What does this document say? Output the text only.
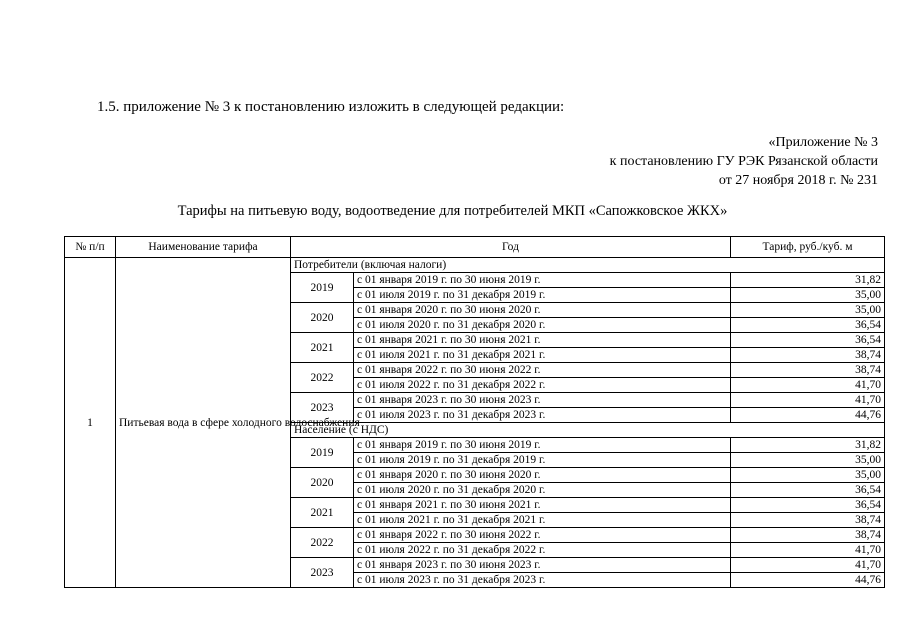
1.5. приложение № 3 к постановлению изложить в следующей редакции:
«Приложение № 3
к постановлению ГУ РЭК Рязанской области
от 27 ноября 2018 г. № 231
Тарифы на питьевую воду, водоотведение для потребителей МКП «Сапожковское ЖКХ»
№ п/п	Наименование тарифа	Год		Тариф, руб./куб. м
1	Питьевая вода в сфере холодного водоснабжения	Потребители (включая налоги)		
		2019	с 01 января 2019 г. по 30 июня 2019 г.	31,82
			с 01 июля 2019 г. по 31 декабря 2019 г.	35,00
		2020	с 01 января 2020 г. по 30 июня 2020 г.	35,00
			с 01 июля 2020 г. по 31 декабря 2020 г.	36,54
		2021	с 01 января 2021 г. по 30 июня 2021 г.	36,54
			с 01 июля 2021 г. по 31 декабря 2021 г.	38,74
		2022	с 01 января 2022 г. по 30 июня 2022 г.	38,74
			с 01 июля 2022 г. по 31 декабря 2022 г.	41,70
		2023	с 01 января 2023 г. по 30 июня 2023 г.	41,70
			с 01 июля 2023 г. по 31 декабря 2023 г.	44,76
		Население (с НДС)		
		2019	с 01 января 2019 г. по 30 июня 2019 г.	31,82
			с 01 июля 2019 г. по 31 декабря 2019 г.	35,00
		2020	с 01 января 2020 г. по 30 июня 2020 г.	35,00
			с 01 июля 2020 г. по 31 декабря 2020 г.	36,54
		2021	с 01 января 2021 г. по 30 июня 2021 г.	36,54
			с 01 июля 2021 г. по 31 декабря 2021 г.	38,74
		2022	с 01 января 2022 г. по 30 июня 2022 г.	38,74
			с 01 июля 2022 г. по 31 декабря 2022 г.	41,70
		2023	с 01 января 2023 г. по 30 июня 2023 г.	41,70
			с 01 июля 2023 г. по 31 декабря 2023 г.	44,76
